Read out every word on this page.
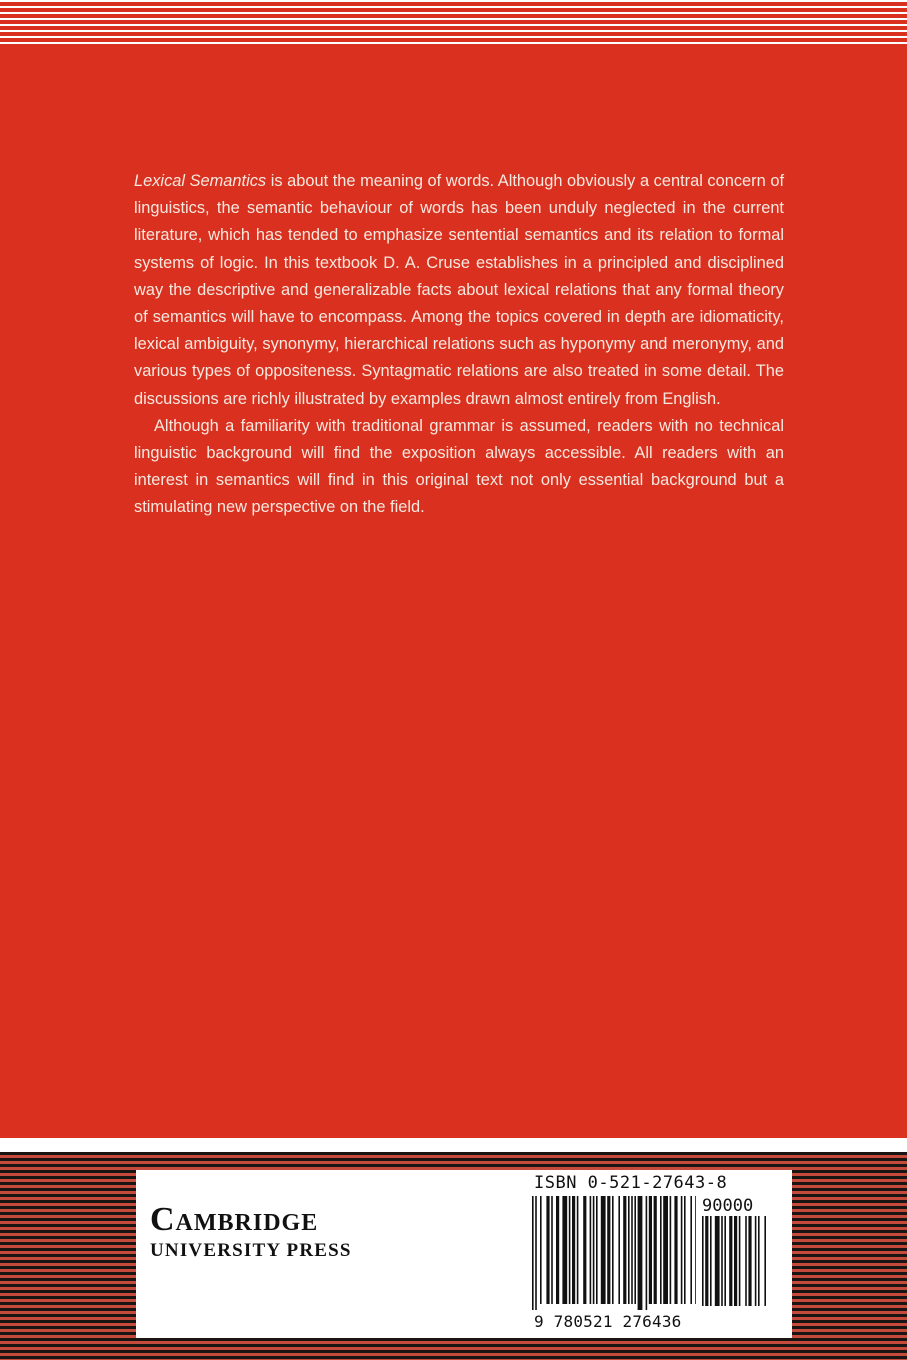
Lexical Semantics is about the meaning of words. Although obviously a central concern of linguistics, the semantic behaviour of words has been unduly neglected in the current literature, which has tended to emphasize sentential semantics and its relation to formal systems of logic. In this textbook D. A. Cruse establishes in a principled and disciplined way the descriptive and generalizable facts about lexical relations that any formal theory of semantics will have to encompass. Among the topics covered in depth are idiomaticity, lexical ambiguity, synonymy, hierarchical relations such as hyponymy and meronymy, and various types of oppositeness. Syntagmatic relations are also treated in some detail. The discussions are richly illustrated by examples drawn almost entirely from English.

Although a familiarity with traditional grammar is assumed, readers with no technical linguistic background will find the exposition always accessible. All readers with an interest in semantics will find in this original text not only essential background but a stimulating new perspective on the field.

Cambridge
UNIVERSITY PRESS
ISBN 0-521-27643-8
9 780521 276436
90000
